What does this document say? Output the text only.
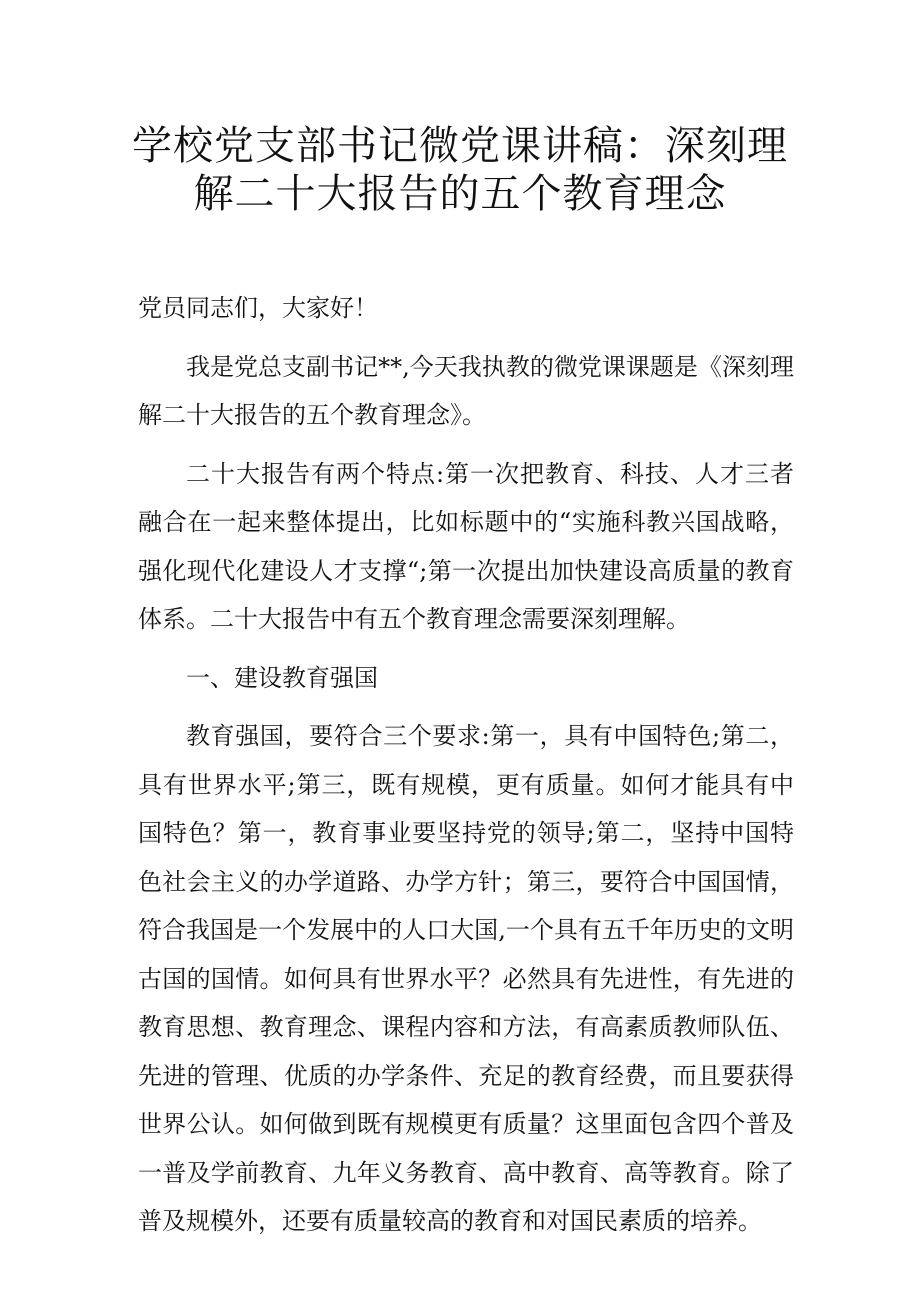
学校党支部书记微党课讲稿：深刻理
解二十大报告的五个教育理念

党员同志们，大家好！

我是党总支副书记**,今天我执教的微党课课题是《深刻理解二十大报告的五个教育理念》。

二十大报告有两个特点:第一次把教育、科技、人才三者融合在一起来整体提出，比如标题中的“实施科教兴国战略，强化现代化建设人才支撑“;第一次提出加快建设高质量的教育体系。二十大报告中有五个教育理念需要深刻理解。

一、建设教育强国

教育强国，要符合三个要求:第一，具有中国特色;第二，具有世界水平;第三，既有规模，更有质量。如何才能具有中国特色？第一，教育事业要坚持党的领导;第二，坚持中国特色社会主义的办学道路、办学方针；第三，要符合中国国情，符合我国是一个发展中的人口大国,一个具有五千年历史的文明古国的国情。如何具有世界水平？必然具有先进性，有先进的教育思想、教育理念、课程内容和方法，有高素质教师队伍、先进的管理、优质的办学条件、充足的教育经费，而且要获得世界公认。如何做到既有规模更有质量？这里面包含四个普及一普及学前教育、九年义务教育、高中教育、高等教育。除了普及规模外，还要有质量较高的教育和对国民素质的培养。
